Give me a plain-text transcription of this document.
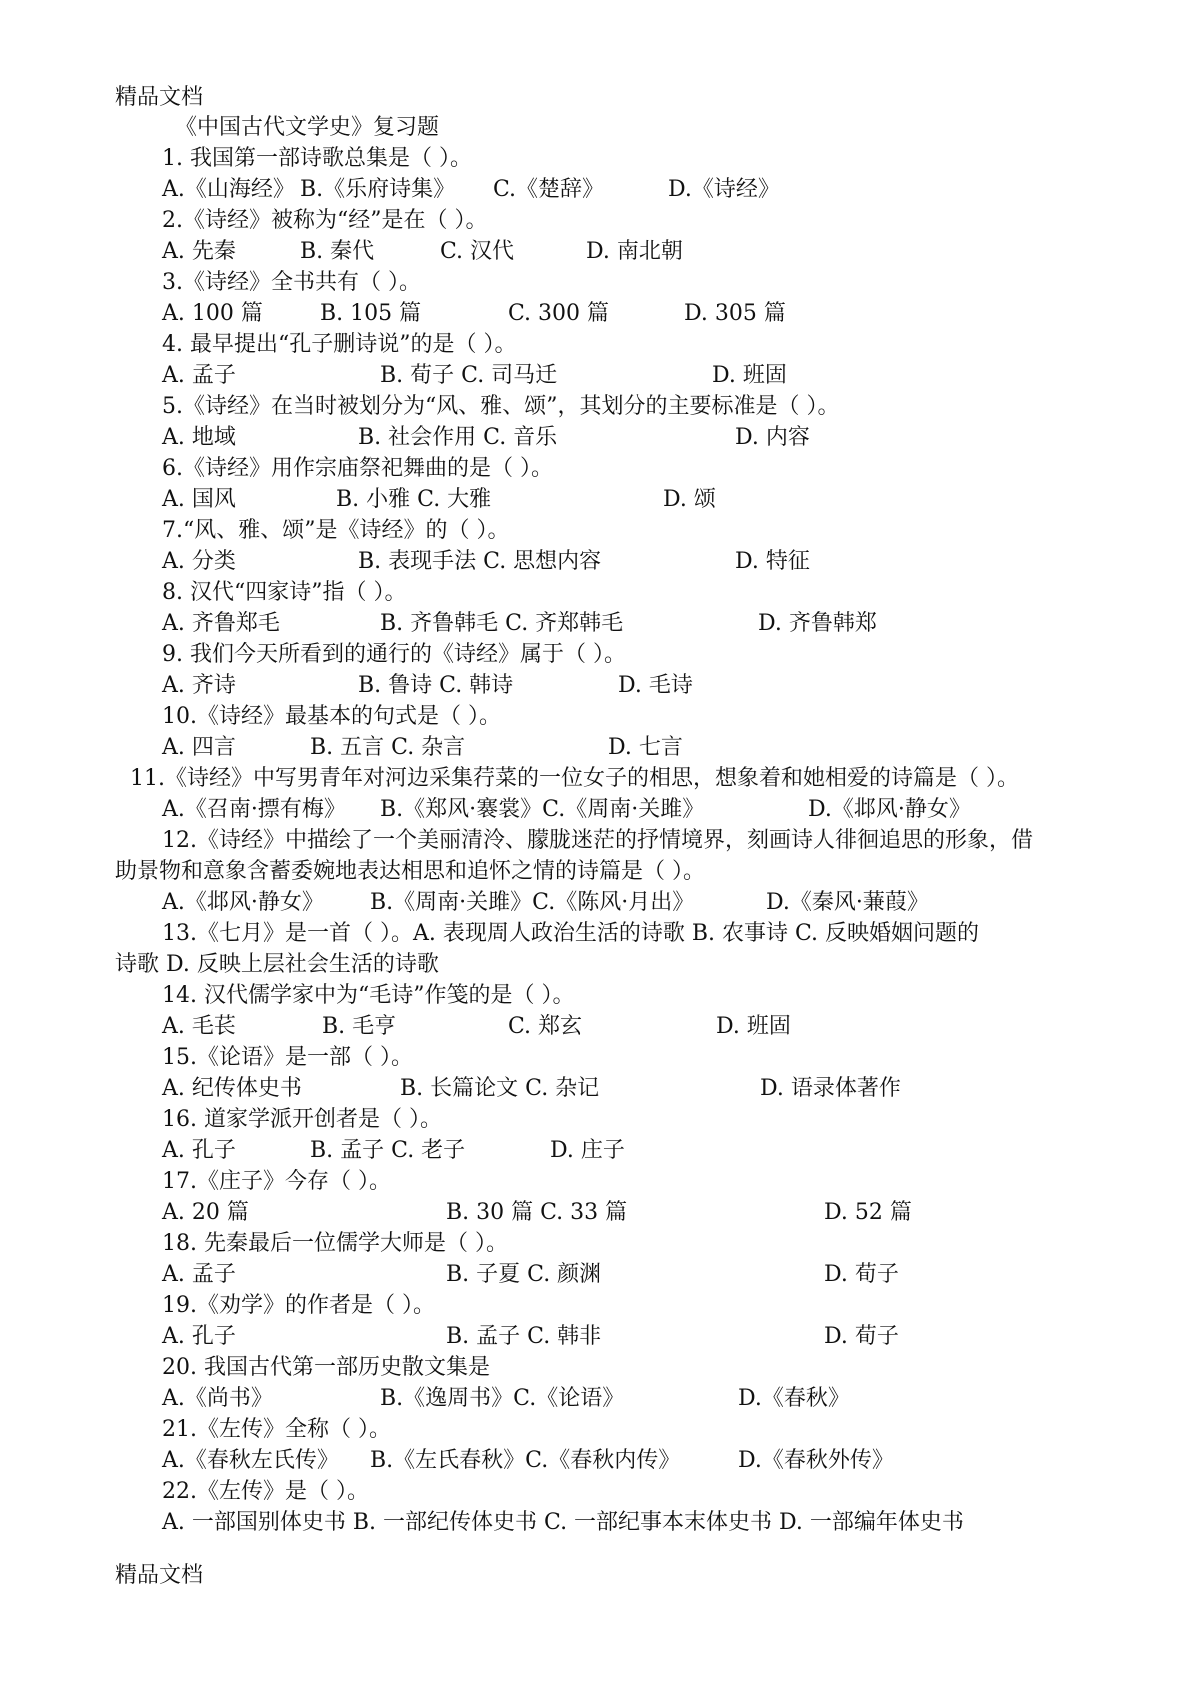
精品文档
《中国古代文学史》复习题
1. 我国第一部诗歌总集是（ ）。
A.《山海经》 B.《乐府诗集》 C.《楚辞》	D.《诗经》
2.《诗经》被称为“经”是在（ ）。
A. 先秦	B. 秦代	C. 汉代	D. 南北朝
3.《诗经》全书共有（ ）。
A. 100 篇	B. 105 篇	C. 300 篇	D. 305 篇
4. 最早提出“孔子删诗说”的是（ ）。
A. 孟子	B. 荀子 C. 司马迁	D. 班固
5.《诗经》在当时被划分为“风、雅、颂”，其划分的主要标准是（ ）。
A. 地域	B. 社会作用 C. 音乐	D. 内容
6.《诗经》用作宗庙祭祀舞曲的是（ ）。
A. 国风	B. 小雅 C. 大雅	D. 颂
7.“风、雅、颂”是《诗经》的（ ）。
A. 分类	B. 表现手法 C. 思想内容	D. 特征
8. 汉代“四家诗”指（ ）。
A. 齐鲁郑毛	B. 齐鲁韩毛 C. 齐郑韩毛	D. 齐鲁韩郑
9. 我们今天所看到的通行的《诗经》属于（ ）。
A. 齐诗	B. 鲁诗 C. 韩诗	D. 毛诗
10.《诗经》最基本的句式是（ ）。
A. 四言	B. 五言 C. 杂言	D. 七言
11.《诗经》中写男青年对河边采集荇菜的一位女子的相思，想象着和她相爱的诗篇是（ ）。
A.《召南·摽有梅》 B.《郑风·褰裳》C.《周南·关雎》	D.《邶风·静女》
12.《诗经》中描绘了一个美丽清泠、朦胧迷茫的抒情境界，刻画诗人徘徊追思的形象，借
助景物和意象含蓄委婉地表达相思和追怀之情的诗篇是（ ）。
A.《邶风·静女》 B.《周南·关雎》C.《陈风·月出》	D.《秦风·蒹葭》
13.《七月》是一首（ ）。A. 表现周人政治生活的诗歌 B. 农事诗 C. 反映婚姻问题的
诗歌 D. 反映上层社会生活的诗歌
14. 汉代儒学家中为“毛诗”作笺的是（ ）。
A. 毛苌	B. 毛亨	C. 郑玄	D. 班固
15.《论语》是一部（ ）。
A. 纪传体史书	B. 长篇论文 C. 杂记	D. 语录体著作
16. 道家学派开创者是（ ）。
A. 孔子	B. 孟子 C. 老子	D. 庄子
17.《庄子》今存（ ）。
A. 20 篇	B. 30 篇 C. 33 篇	D. 52 篇
18. 先秦最后一位儒学大师是（ ）。
A. 孟子	B. 子夏 C. 颜渊	D. 荀子
19.《劝学》的作者是（ ）。
A. 孔子	B. 孟子 C. 韩非	D. 荀子
20. 我国古代第一部历史散文集是
A.《尚书》	B.《逸周书》C.《论语》	D.《春秋》
21.《左传》全称（ ）。
A.《春秋左氏传》 B.《左氏春秋》C.《春秋内传》	D.《春秋外传》
22.《左传》是（ ）。
A. 一部国别体史书 B. 一部纪传体史书 C. 一部纪事本末体史书 D. 一部编年体史书
精品文档
